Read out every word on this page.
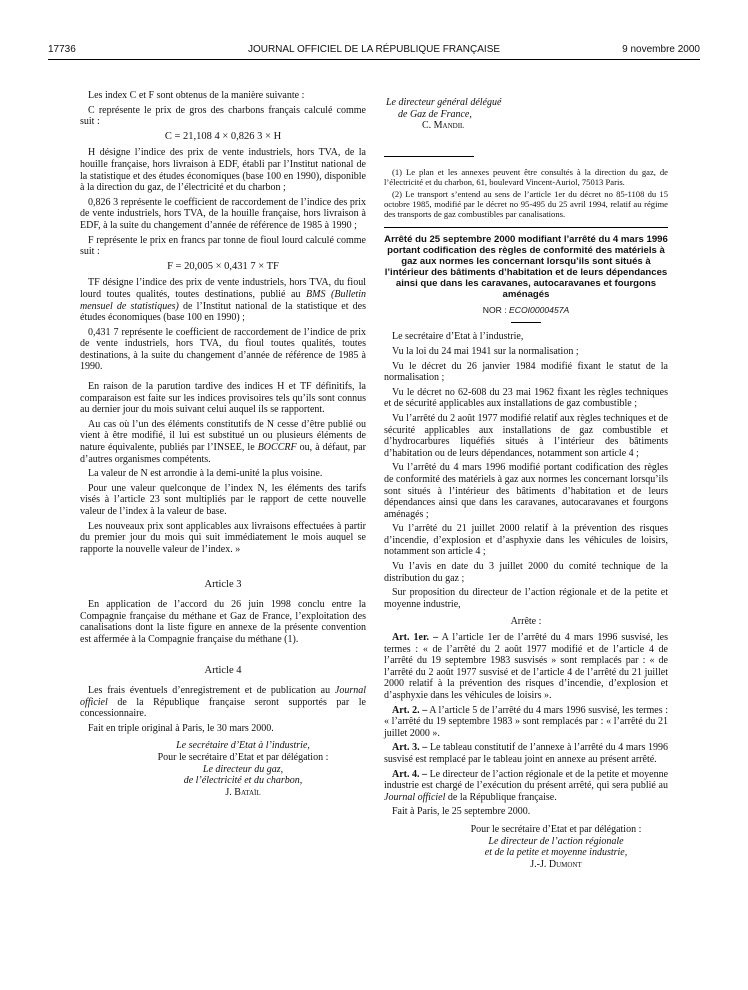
17736	JOURNAL OFFICIEL DE LA RÉPUBLIQUE FRANÇAISE	9 novembre 2000

Les index C et F sont obtenus de la manière suivante :

C représente le prix de gros des charbons français calculé comme suit :

C = 21,108 4 × 0,826 3 × H

H désigne l’indice des prix de vente industriels, hors TVA, de la houille française, hors livraison à EDF, établi par l’Institut national de la statistique et des études économiques (base 100 en 1990), disponible à la direction du gaz, de l’électricité et du charbon ;

0,826 3 représente le coefficient de raccordement de l’indice des prix de vente industriels, hors TVA, de la houille française, hors livraison à EDF, à la suite du changement d’année de référence de 1985 à 1990 ;

F représente le prix en francs par tonne de fioul lourd calculé comme suit :

F = 20,005 × 0,431 7 × TF

TF désigne l’indice des prix de vente industriels, hors TVA, du fioul lourd toutes qualités, toutes destinations, publié au BMS (Bulletin mensuel de statistiques) de l’Institut national de la statistique et des études économiques (base 100 en 1990) ;

0,431 7 représente le coefficient de raccordement de l’indice de prix de vente industriels, hors TVA, du fioul toutes qualités, toutes destinations, à la suite du changement d’année de référence de 1985 à 1990.

En raison de la parution tardive des indices H et TF définitifs, la comparaison est faite sur les indices provisoires tels qu’ils sont connus au dernier jour du mois suivant celui auquel ils se rapportent.

Au cas où l’un des éléments constitutifs de N cesse d’être publié ou vient à être modifié, il lui est substitué un ou plusieurs éléments de nature équivalente, publiés par l’INSEE, le BOCCRF ou, à défaut, par d’autres organismes compétents.

La valeur de N est arrondie à la demi-unité la plus voisine.

Pour une valeur quelconque de l’index N, les éléments des tarifs visés à l’article 23 sont multipliés par le rapport de cette nouvelle valeur de l’index à la valeur de base.

Les nouveaux prix sont applicables aux livraisons effectuées à partir du premier jour du mois qui suit immédiatement le mois auquel se rapporte la nouvelle valeur de l’index. »

Article 3

En application de l’accord du 26 juin 1998 conclu entre la Compagnie française du méthane et Gaz de France, l’exploitation des canalisations dont la liste figure en annexe de la présente convention est affermée à la Compagnie française du méthane (1).

Article 4

Les frais éventuels d’enregistrement et de publication au Journal officiel de la République française seront supportés par le concessionnaire.

Fait en triple original à Paris, le 30 mars 2000.

Le secrétaire d’Etat à l’industrie,
Pour le secrétaire d’Etat et par délégation :
Le directeur du gaz,
de l’électricité et du charbon,
J. Bataïl
Le directeur général délégué
de Gaz de France,
C. Mandil

(1) Le plan et les annexes peuvent être consultés à la direction du gaz, de l’électricité et du charbon, 61, boulevard Vincent-Auriol, 75013 Paris.

(2) Le transport s’entend au sens de l’article 1er du décret no 85-1108 du 15 octobre 1985, modifié par le décret no 95-495 du 25 avril 1994, relatif au régime des transports de gaz combustibles par canalisations.

Arrêté du 25 septembre 2000 modifiant l’arrêté du 4 mars 1996 portant codification des règles de conformité des matériels à gaz aux normes les concernant lorsqu’ils sont situés à l’intérieur des bâtiments d’habitation et de leurs dépendances ainsi que dans les caravanes, autocaravanes et fourgons aménagés
NOR : ECOI0000457A

Le secrétaire d’Etat à l’industrie,

Vu la loi du 24 mai 1941 sur la normalisation ;

Vu le décret du 26 janvier 1984 modifié fixant le statut de la normalisation ;

Vu le décret no 62-608 du 23 mai 1962 fixant les règles techniques et de sécurité applicables aux installations de gaz combustible ;

Vu l’arrêté du 2 août 1977 modifié relatif aux règles techniques et de sécurité applicables aux installations de gaz combustible et d’hydrocarbures liquéfiés situés à l’intérieur des bâtiments d’habitation ou de leurs dépendances, notamment son article 4 ;

Vu l’arrêté du 4 mars 1996 modifié portant codification des règles de conformité des matériels à gaz aux normes les concernant lorsqu’ils sont situés à l’intérieur des bâtiments d’habitation et de leurs dépendances ainsi que dans les caravanes, autocaravanes et fourgons aménagés ;

Vu l’arrêté du 21 juillet 2000 relatif à la prévention des risques d’incendie, d’explosion et d’asphyxie dans les véhicules de loisirs, notamment son article 4 ;

Vu l’avis en date du 3 juillet 2000 du comité technique de la distribution du gaz ;

Sur proposition du directeur de l’action régionale et de la petite et moyenne industrie,

Arrête :

Art. 1er. – A l’article 1er de l’arrêté du 4 mars 1996 susvisé, les termes : « de l’arrêté du 2 août 1977 modifié et de l’article 4 de l’arrêté du 19 septembre 1983 susvisés » sont remplacés par : « de l’arrêté du 2 août 1977 susvisé et de l’article 4 de l’arrêté du 21 juillet 2000 relatif à la prévention des risques d’incendie, d’explosion et d’asphyxie dans les véhicules de loisirs ».

Art. 2. – A l’article 5 de l’arrêté du 4 mars 1996 susvisé, les termes : « l’arrêté du 19 septembre 1983 » sont remplacés par : « l’arrêté du 21 juillet 2000 ».

Art. 3. – Le tableau constitutif de l’annexe à l’arrêté du 4 mars 1996 susvisé est remplacé par le tableau joint en annexe au présent arrêté.

Art. 4. – Le directeur de l’action régionale et de la petite et moyenne industrie est chargé de l’exécution du présent arrêté, qui sera publié au Journal officiel de la République française.

Fait à Paris, le 25 septembre 2000.

Pour le secrétaire d’Etat et par délégation :
Le directeur de l’action régionale
et de la petite et moyenne industrie,
J.-J. Dumont
